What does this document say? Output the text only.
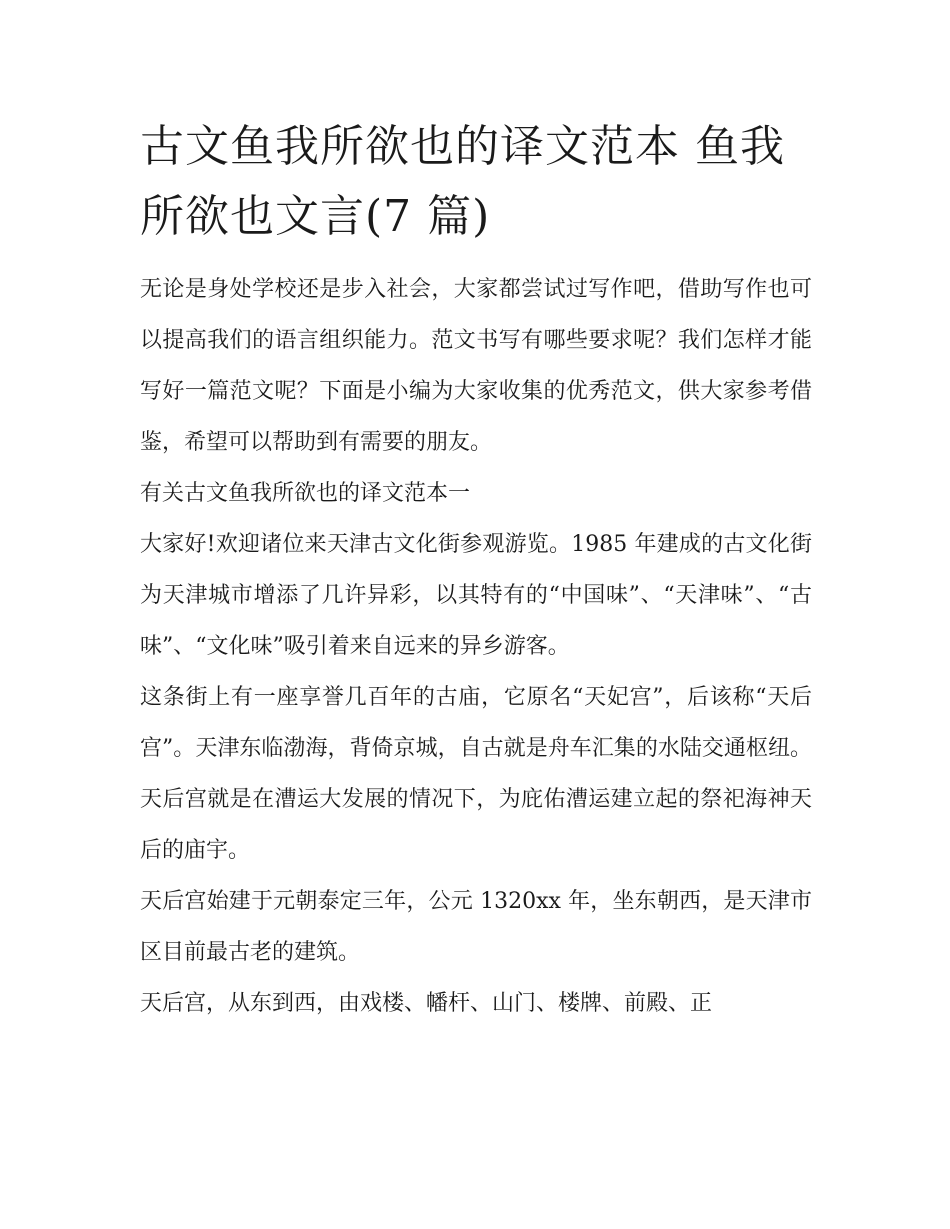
古文鱼我所欲也的译文范本 鱼我所欲也文言(7 篇)

无论是身处学校还是步入社会，大家都尝试过写作吧，借助写作也可以提高我们的语言组织能力。范文书写有哪些要求呢？我们怎样才能写好一篇范文呢？下面是小编为大家收集的优秀范文，供大家参考借鉴，希望可以帮助到有需要的朋友。

有关古文鱼我所欲也的译文范本一

大家好!欢迎诸位来天津古文化街参观游览。1985 年建成的古文化街为天津城市增添了几许异彩，以其特有的“中国味”、“天津味”、“古味”、“文化味”吸引着来自远来的异乡游客。

这条街上有一座享誉几百年的古庙，它原名“天妃宫”，后该称“天后宫”。天津东临渤海，背倚京城，自古就是舟车汇集的水陆交通枢纽。天后宫就是在漕运大发展的情况下，为庇佑漕运建立起的祭祀海神天后的庙宇。

天后宫始建于元朝泰定三年，公元 1320xx 年，坐东朝西，是天津市区目前最古老的建筑。

天后宫，从东到西，由戏楼、幡杆、山门、楼牌、前殿、正
